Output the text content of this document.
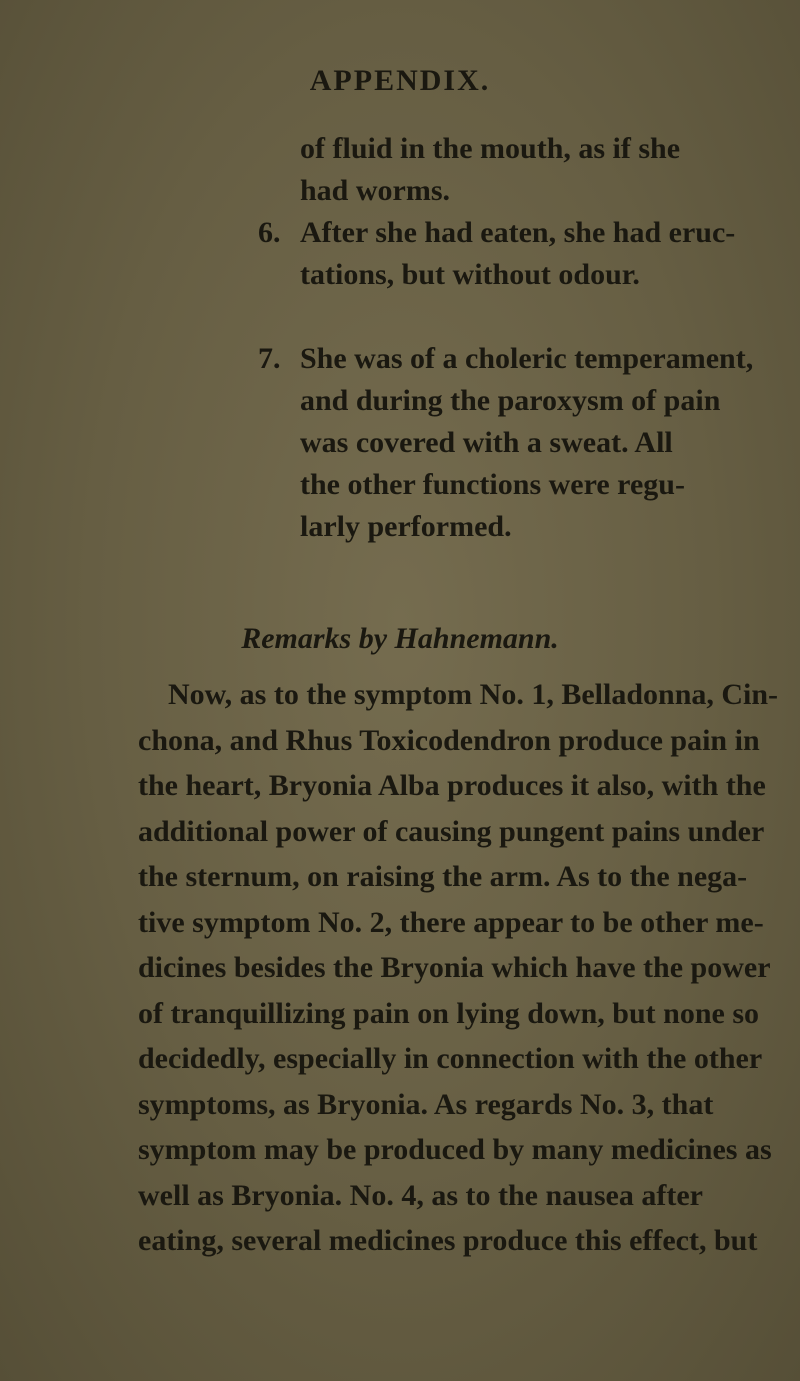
APPENDIX.
of fluid in the mouth, as if she
had worms.
6. After she had eaten, she had eruc-
tations, but without odour.
7. She was of a choleric temperament,
and during the paroxysm of pain
was covered with a sweat. All
the other functions were regu-
larly performed.
Remarks by Hahnemann.
Now, as to the symptom No. 1, Belladonna, Cin-
chona, and Rhus Toxicodendron produce pain in
the heart, Bryonia Alba produces it also, with the
additional power of causing pungent pains under
the sternum, on raising the arm. As to the nega-
tive symptom No. 2, there appear to be other me-
dicines besides the Bryonia which have the power
of tranquillizing pain on lying down, but none so
decidedly, especially in connection with the other
symptoms, as Bryonia. As regards No. 3, that
symptom may be produced by many medicines as
well as Bryonia. No. 4, as to the nausea after
eating, several medicines produce this effect, but
